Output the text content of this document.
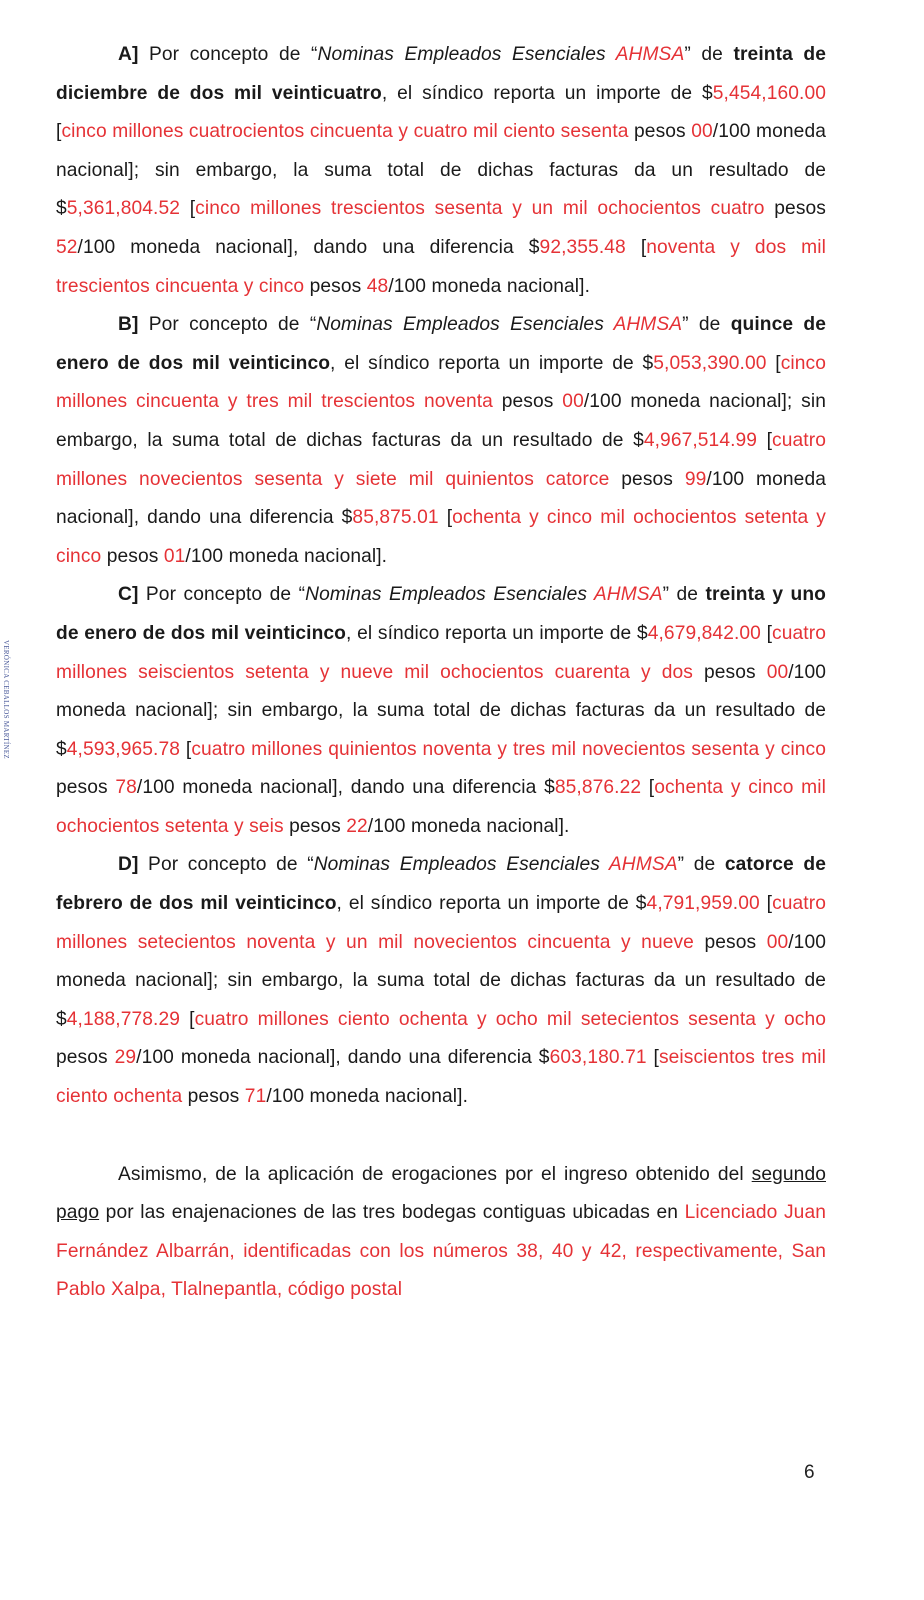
VERÓNICA CEBALLOS MARTÍNEZ

A] Por concepto de “Nominas Empleados Esenciales AHMSA” de treinta de diciembre de dos mil veinticuatro, el síndico reporta un importe de $5,454,160.00 [cinco millones cuatrocientos cincuenta y cuatro mil ciento sesenta pesos 00/100 moneda nacional]; sin embargo, la suma total de dichas facturas da un resultado de $5,361,804.52 [cinco millones trescientos sesenta y un mil ochocientos cuatro pesos 52/100 moneda nacional], dando una diferencia $92,355.48 [noventa y dos mil trescientos cincuenta y cinco pesos 48/100 moneda nacional].

B] Por concepto de “Nominas Empleados Esenciales AHMSA” de quince de enero de dos mil veinticinco, el síndico reporta un importe de $5,053,390.00 [cinco millones cincuenta y tres mil trescientos noventa pesos 00/100 moneda nacional]; sin embargo, la suma total de dichas facturas da un resultado de $4,967,514.99 [cuatro millones novecientos sesenta y siete mil quinientos catorce pesos 99/100 moneda nacional], dando una diferencia $85,875.01 [ochenta y cinco mil ochocientos setenta y cinco pesos 01/100 moneda nacional].

C] Por concepto de “Nominas Empleados Esenciales AHMSA” de treinta y uno de enero de dos mil veinticinco, el síndico reporta un importe de $4,679,842.00 [cuatro millones seiscientos setenta y nueve mil ochocientos cuarenta y dos pesos 00/100 moneda nacional]; sin embargo, la suma total de dichas facturas da un resultado de $4,593,965.78 [cuatro millones quinientos noventa y tres mil novecientos sesenta y cinco pesos 78/100 moneda nacional], dando una diferencia $85,876.22 [ochenta y cinco mil ochocientos setenta y seis pesos 22/100 moneda nacional].

D] Por concepto de “Nominas Empleados Esenciales AHMSA” de catorce de febrero de dos mil veinticinco, el síndico reporta un importe de $4,791,959.00 [cuatro millones setecientos noventa y un mil novecientos cincuenta y nueve pesos 00/100 moneda nacional]; sin embargo, la suma total de dichas facturas da un resultado de $4,188,778.29 [cuatro millones ciento ochenta y ocho mil setecientos sesenta y ocho pesos 29/100 moneda nacional], dando una diferencia $603,180.71 [seiscientos tres mil ciento ochenta pesos 71/100 moneda nacional].

Asimismo, de la aplicación de erogaciones por el ingreso obtenido del segundo pago por las enajenaciones de las tres bodegas contiguas ubicadas en Licenciado Juan Fernández Albarrán, identificadas con los números 38, 40 y 42, respectivamente, San Pablo Xalpa, Tlalnepantla, código postal

6
